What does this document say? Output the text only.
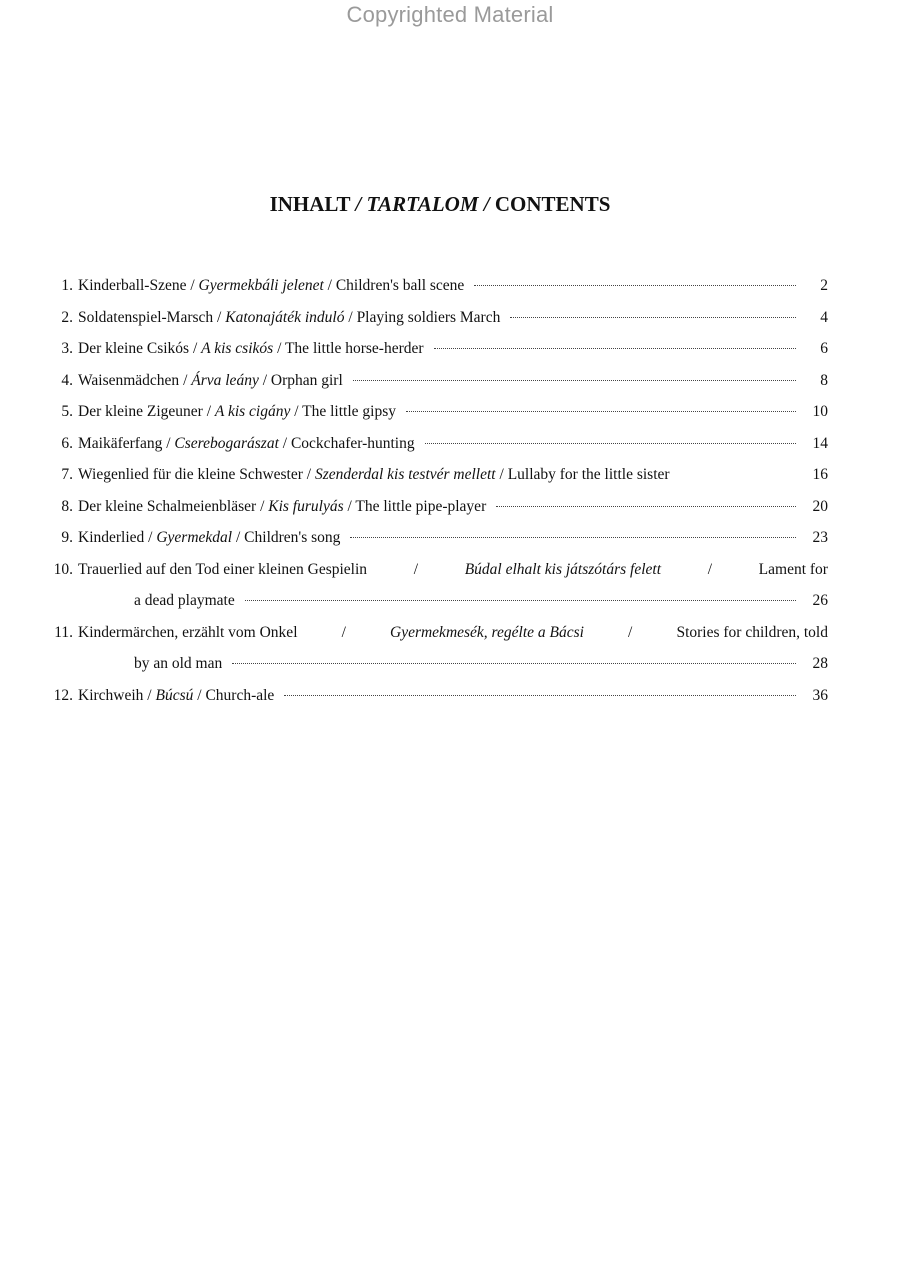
Copyrighted Material
INHALT / TARTALOM / CONTENTS
1. Kinderball-Szene / Gyermekbáli jelenet / Children's ball scene	2
2. Soldatenspiel-Marsch / Katonajáték induló / Playing soldiers March	4
3. Der kleine Csikós / A kis csikós / The little horse-herder	6
4. Waisenmädchen / Árva leány / Orphan girl	8
5. Der kleine Zigeuner / A kis cigány / The little gipsy	10
6. Maikäferfang / Cserebogarászat / Cockchafer-hunting	14
7. Wiegenlied für die kleine Schwester / Szenderdal kis testvér mellett / Lullaby for the little sister	16
8. Der kleine Schalmeienbläser / Kis furulyás / The little pipe-player	20
9. Kinderlied / Gyermekdal / Children's song	23
10. Trauerlied auf den Tod einer kleinen Gespielin	/	Búdal elhalt kis játszótárs felett	/	Lament for
a dead playmate	26
11. Kindermärchen, erzählt vom Onkel	/	Gyermekmesék, regélte a Bácsi	/	Stories for children, told
by an old man	28
12. Kirchweih / Búcsú / Church-ale	36
